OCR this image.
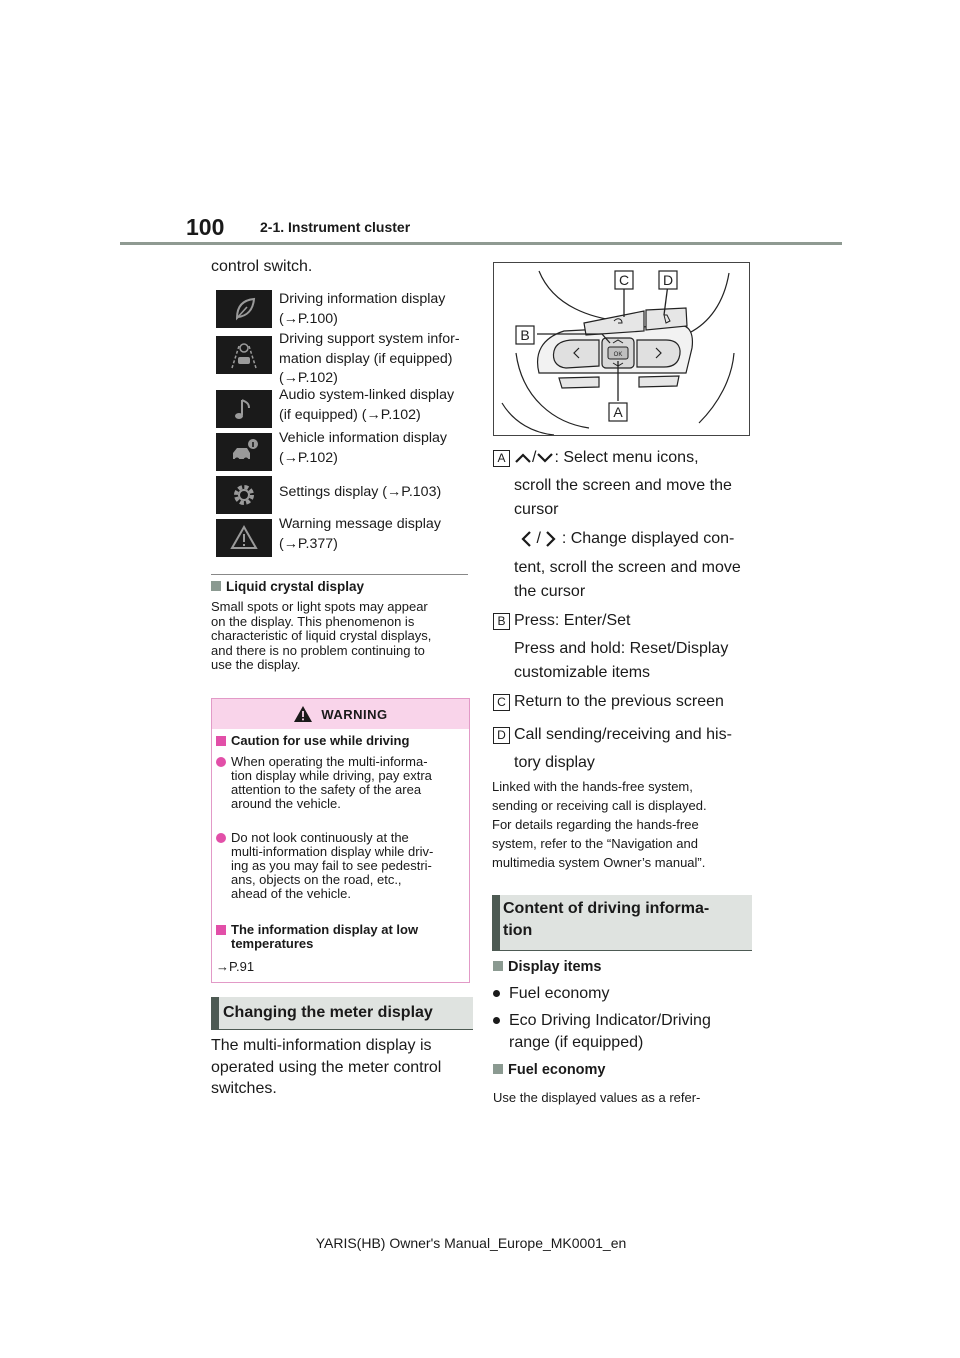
100	2-1. Instrument cluster
control switch.
Driving information display
(→P.100)
Driving support system infor-
mation display (if equipped)
(→P.102)
Audio system-linked display
(if equipped) (→P.102)
Vehicle information display
(→P.102)
Settings display (→P.103)
Warning message display
(→P.377)
Liquid crystal display
Small spots or light spots may appear
on the display. This phenomenon is
characteristic of liquid crystal displays,
and there is no problem continuing to
use the display.
WARNING
Caution for use while driving
When operating the multi-informa-
tion display while driving, pay extra
attention to the safety of the area
around the vehicle.
Do not look continuously at the
multi-information display while driv-
ing as you may fail to see pedestri-
ans, objects on the road, etc.,
ahead of the vehicle.
The information display at low
temperatures
→P.91
Changing the meter display
The multi-information display is
operated using the meter control
switches.
OK
C D
B
A
A	/ : Select menu icons,
scroll the screen and move the
cursor
/ : Change displayed con-
tent, scroll the screen and move
the cursor
B Press: Enter/Set
Press and hold: Reset/Display
customizable items
C Return to the previous screen
D Call sending/receiving and his-
tory display
Linked with the hands-free system,
sending or receiving call is displayed.
For details regarding the hands-free
system, refer to the “Navigation and
multimedia system Owner’s manual”.
Content of driving informa-
tion
Display items
Fuel economy
Eco Driving Indicator/Driving
range (if equipped)
Fuel economy
Use the displayed values as a refer-
YARIS(HB) Owner's Manual_Europe_MK0001_en
